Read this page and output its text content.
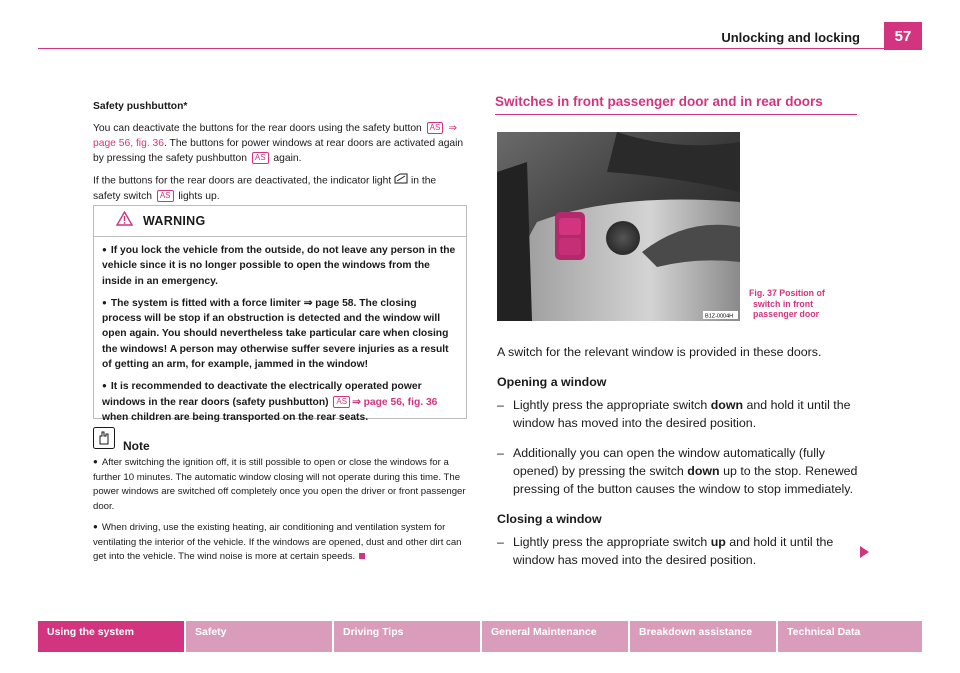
Unlocking and locking	57

Safety pushbutton*

You can deactivate the buttons for the rear doors using the safety button AS ⇒ page 56, fig. 36. The buttons for power windows at rear doors are activated again by pressing the safety pushbutton AS again.

If the buttons for the rear doors are deactivated, the indicator light in the safety switch AS lights up.

WARNING

● If you lock the vehicle from the outside, do not leave any person in the vehicle since it is no longer possible to open the windows from the inside in an emergency.

● The system is fitted with a force limiter ⇒ page 58. The closing process will be stop if an obstruction is detected and the window will open again. You should nevertheless take particular care when closing the windows! A person may otherwise suffer severe injuries as a result of getting an arm, for example, jammed in the window!

● It is recommended to deactivate the electrically operated power windows in the rear doors (safety pushbutton) AS ⇒ page 56, fig. 36 when children are being transported on the rear seats.

Note

● After switching the ignition off, it is still possible to open or close the windows for a further 10 minutes. The automatic window closing will not operate during this time. The power windows are switched off completely once you open the driver or front passenger door.

● When driving, use the existing heating, air conditioning and ventilation system for ventilating the interior of the vehicle. If the windows are opened, dust and other dirt can get into the vehicle. The wind noise is more at certain speeds.

Switches in front passenger door and in rear doors
B1Z-0004H
Fig. 37 Position of
switch in front
passenger door

A switch for the relevant window is provided in these doors.

Opening a window

– Lightly press the appropriate switch down and hold it until the window has moved into the desired position.

– Additionally you can open the window automatically (fully opened) by pressing the switch down up to the stop. Renewed pressing of the button causes the window to stop immediately.

Closing a window

– Lightly press the appropriate switch up and hold it until the window has moved into the desired position.

Using the system	Safety	Driving Tips	General Maintenance	Breakdown assistance	Technical Data
